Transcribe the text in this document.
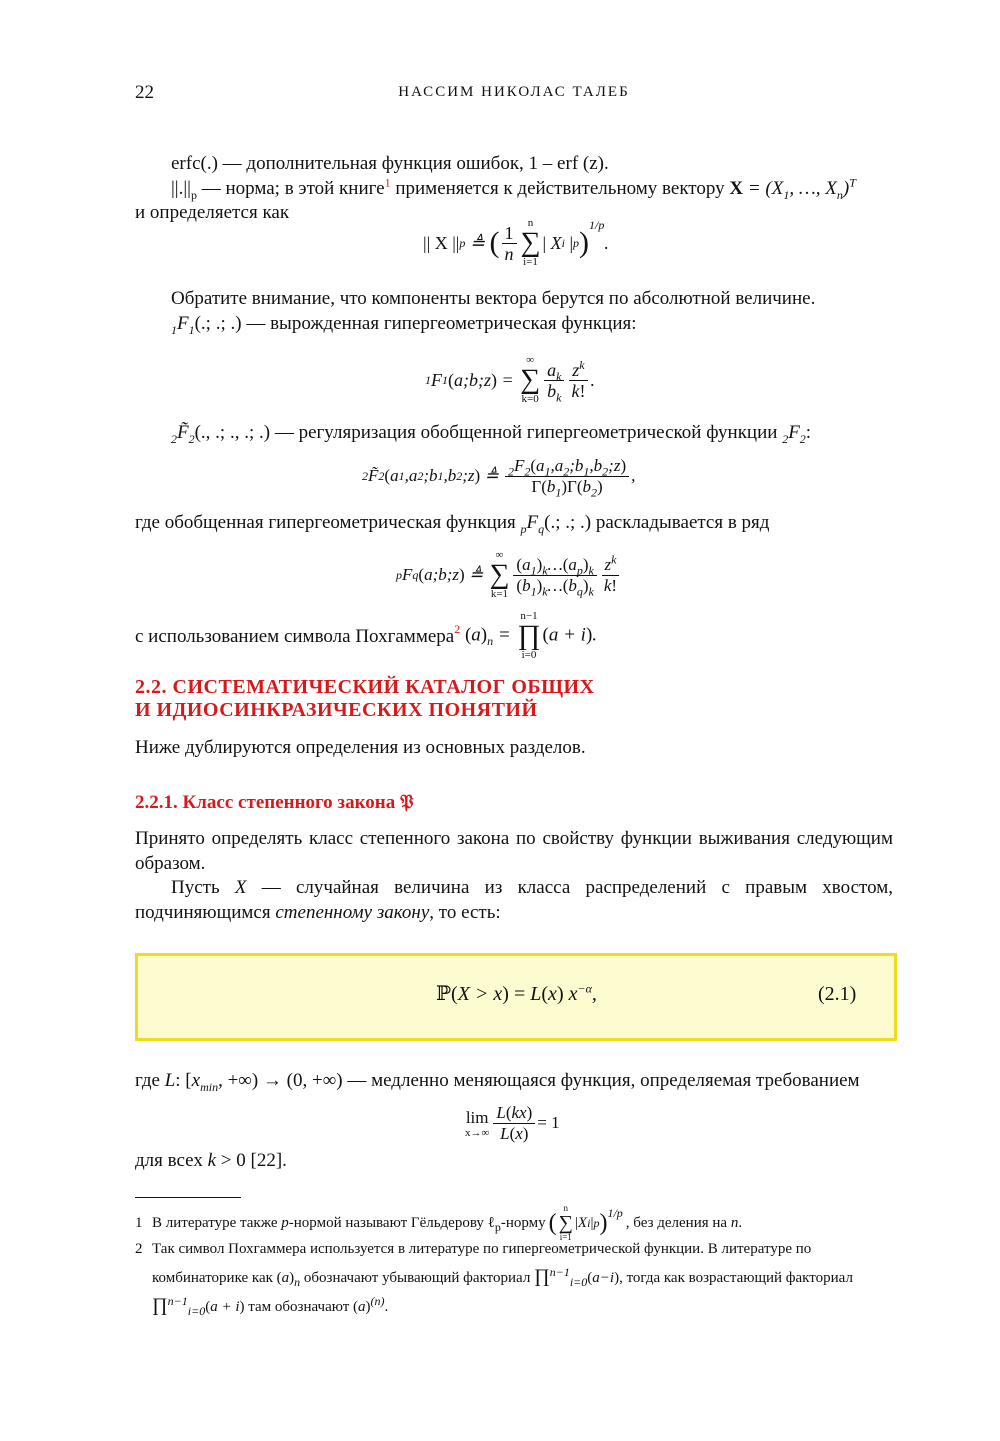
22	НАССИМ НИКОЛАС ТАЛЕБ
erfc(.) — дополнительная функция ошибок, 1 – erf (z).
$||.||_p$ — норма; в этой книге$^1$ применяется к действительному вектору $X = (X_1$, …, $X_n)^T$
и определяется как
|| X || p ≜ ( $\frac{1}{n}$ n
∑
i=1
| X i
| p )
$^{1/p}$
.
Обратите внимание, что компоненты вектора берутся по абсолютной величине.
$_1F_1$(.; .; .) — вырожденная гипергеометрическая функция:
1 F 1 ( a;b;z ) =
∞
∑
$k=0 \frac{a_k}{b_k} \frac{z^k}{k!}$ .
$_2F̃_2$(., .; ., .; .) — регуляризация обобщенной гипергеометрической функции $_2F_2$:
2 F̃ 2 ( a 1 ,a 2 ;b 1 ,b 2 ;z ) ≜ $\frac{_2F_2(a_1,a_2;b_1,b_2;z)}{\Gamma(b_1)\Gamma(b_2)}$ ,
где обобщенная гипергеометрическая функция $_pF_q$(.; .; .) раскладывается в ряд
p F q ( a;b;z ) ≜
∞
∑
$k=1 \frac{(a_1)_k\dots(a_p)_k}{(b_1)_k\dots(b_q)_k} \frac{z^k}{k!}$
с использованием символа Похгаммера$^2$
$(a)_n$ =
n−1
∏
i=0
(a + i).
2.2. СИСТЕМАТИЧЕСКИЙ КАТАЛОГ ОБЩИХ
И ИДИОСИНКРАЗИЧЕСКИХ ПОНЯТИЙ
Ниже дублируются определения из основных разделов.
2.2.1. Класс степенного закона 𝔓
Принято определять класс степенного закона по свойству функции выживания следующим образом.
Пусть X — случайная величина из класса распределений с правым хвостом, подчиняющимся степенному закону, то есть:
ℙ(X > x) = L(x) $x^{-\alpha}$,	(2.1)
где L: [$x_{min}$, +∞) → (0, +∞) — медленно меняющаяся функция, определяемая требованием
lim
$x\to\infty \frac{L(kx)}{L(x)} = 1$
для всех k > 0 [22].
1 В литературе также
p -нормой называют Гёльдерову
ℓ$_p$ -норму (
n
∑
i=1
| X i | p )$^{1/p}$
, без деления на
n .
2 Так символ Похгаммера используется в литературе по гипергеометрической функции. В литературе по
комбинаторике как $(a)_n$ обозначают убывающий факториал ∏$^{n-1}_{i=0}$(a−i), тогда как возрастающий факториал
∏$^{n-1}_{i=0}$(a + i) там обозначают $(a)^{(n)}$.
